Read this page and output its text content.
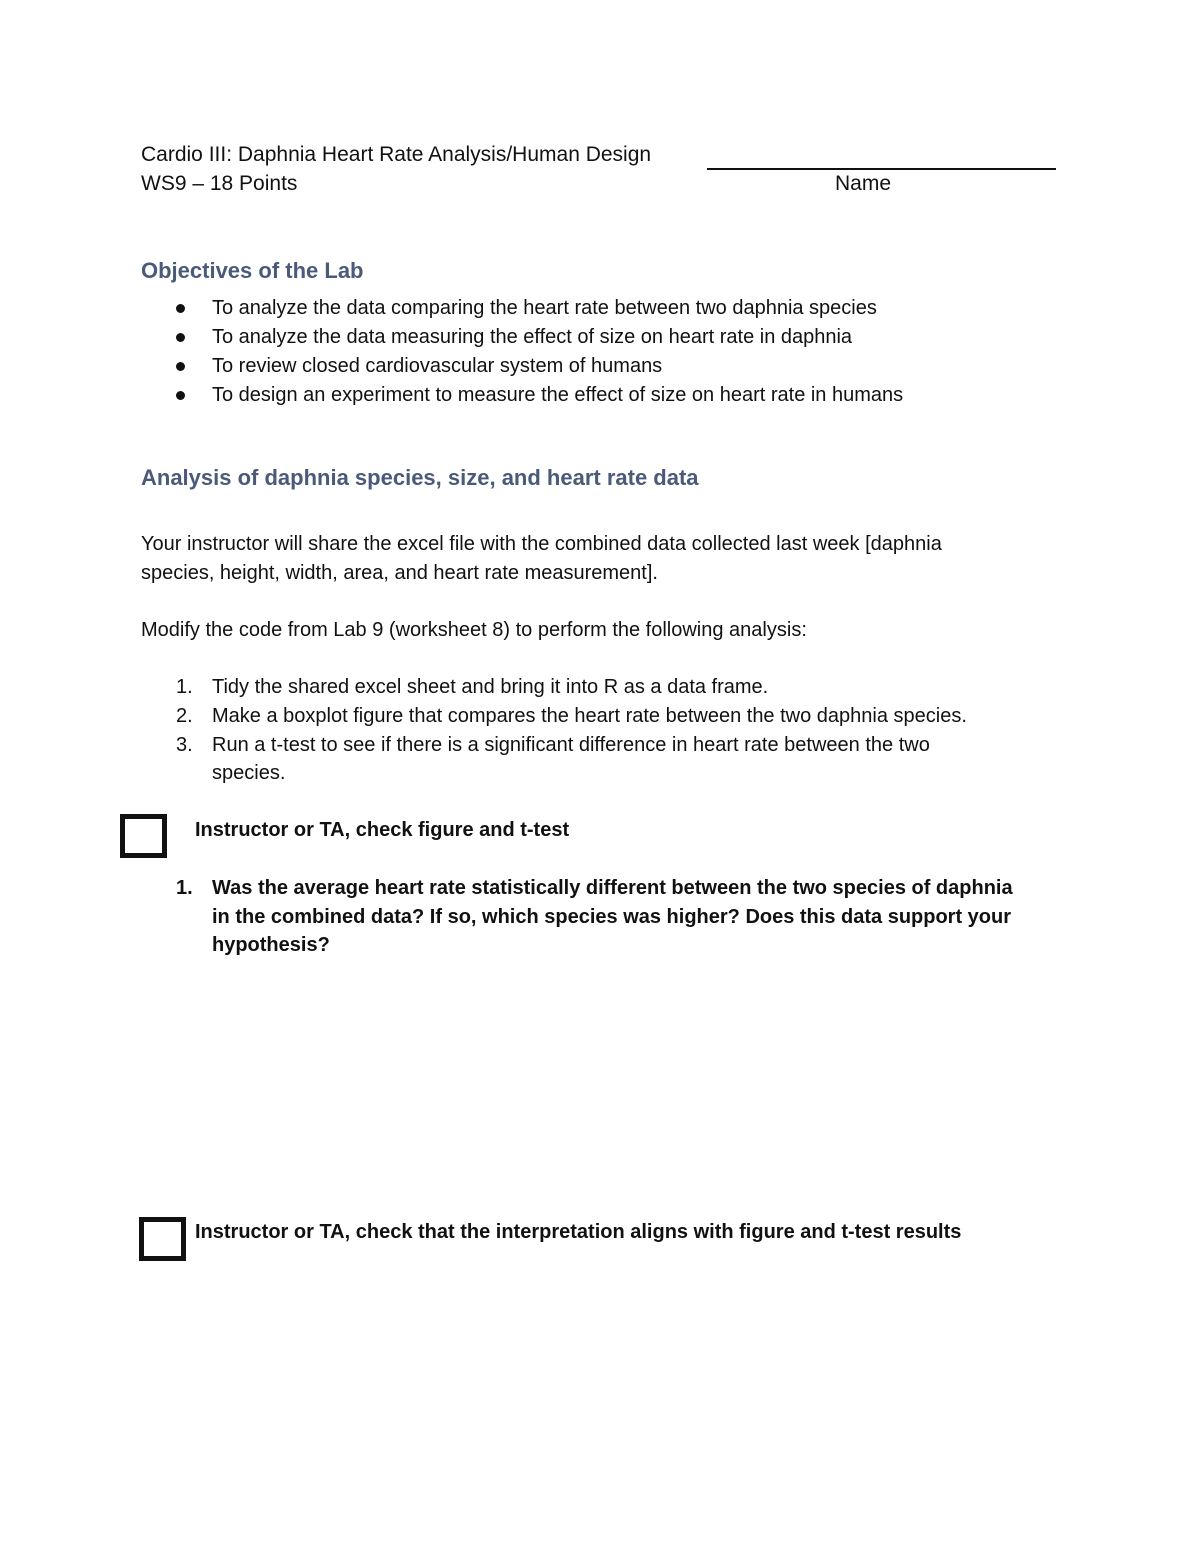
Cardio III: Daphnia Heart Rate Analysis/Human Design
WS9 – 18 Points	Name
Objectives of the Lab
To analyze the data comparing the heart rate between two daphnia species
To analyze the data measuring the effect of size on heart rate in daphnia
To review closed cardiovascular system of humans
To design an experiment to measure the effect of size on heart rate in humans
Analysis of daphnia species, size, and heart rate data
Your instructor will share the excel file with the combined data collected last week [daphnia
species, height, width, area, and heart rate measurement].
Modify the code from Lab 9 (worksheet 8) to perform the following analysis:
1. Tidy the shared excel sheet and bring it into R as a data frame.
2. Make a boxplot figure that compares the heart rate between the two daphnia species.
3. Run a t-test to see if there is a significant difference in heart rate between the two
species.
Instructor or TA, check figure and t-test
1. Was the average heart rate statistically different between the two species of daphnia
in the combined data? If so, which species was higher? Does this data support your
hypothesis?
Instructor or TA, check that the interpretation aligns with figure and t-test results
